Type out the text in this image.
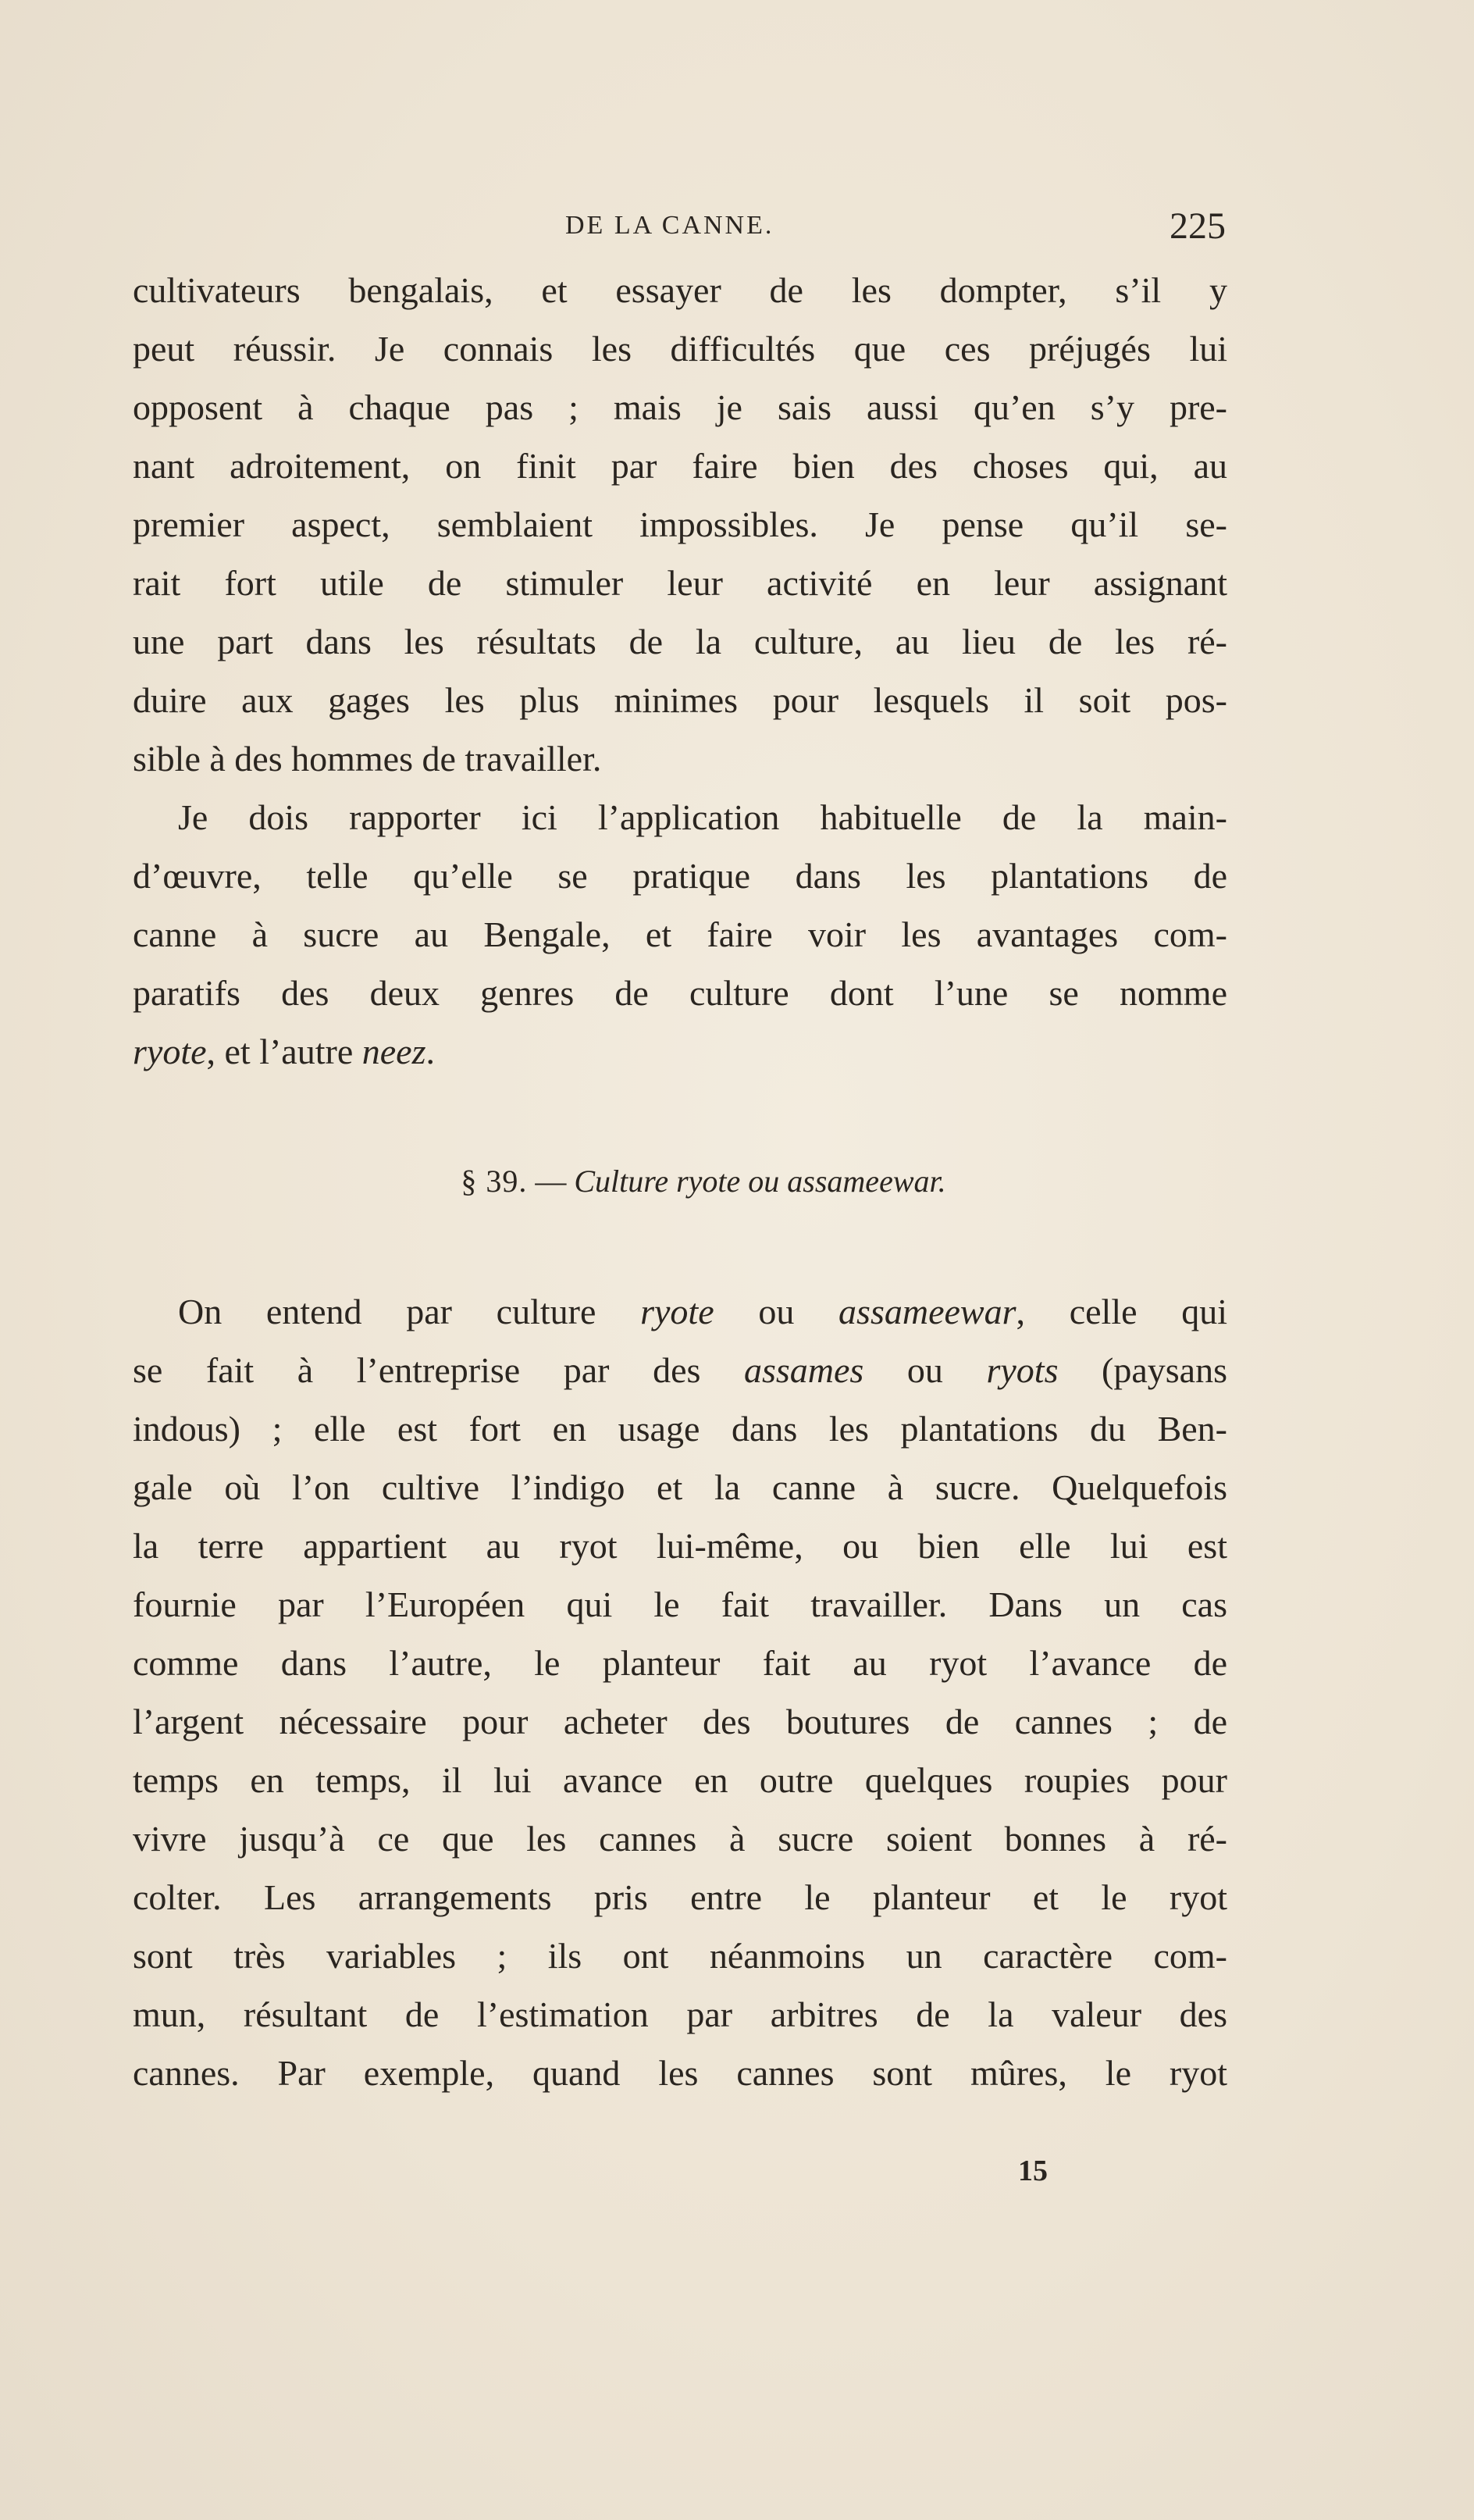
DE LA CANNE.	225
cultivateurs bengalais, et essayer de les dompter, s’il y
peut réussir. Je connais les difficultés que ces préjugés lui
opposent à chaque pas ; mais je sais aussi qu’en s’y pre-
nant adroitement, on finit par faire bien des choses qui, au
premier aspect, semblaient impossibles. Je pense qu’il se-
rait fort utile de stimuler leur activité en leur assignant
une part dans les résultats de la culture, au lieu de les ré-
duire aux gages les plus minimes pour lesquels il soit pos-
sible à des hommes de travailler.
Je dois rapporter ici l’application habituelle de la main-
d’œuvre, telle qu’elle se pratique dans les plantations de
canne à sucre au Bengale, et faire voir les avantages com-
paratifs des deux genres de culture dont l’une se nomme
ryote, et l’autre neez.
§ 39. — Culture ryote ou assameewar.
On entend par culture ryote ou assameewar, celle qui
se fait à l’entreprise par des assames ou ryots (paysans
indous) ; elle est fort en usage dans les plantations du Ben-
gale où l’on cultive l’indigo et la canne à sucre. Quelquefois
la terre appartient au ryot lui-même, ou bien elle lui est
fournie par l’Européen qui le fait travailler. Dans un cas
comme dans l’autre, le planteur fait au ryot l’avance de
l’argent nécessaire pour acheter des boutures de cannes ; de
temps en temps, il lui avance en outre quelques roupies pour
vivre jusqu’à ce que les cannes à sucre soient bonnes à ré-
colter. Les arrangements pris entre le planteur et le ryot
sont très variables ; ils ont néanmoins un caractère com-
mun, résultant de l’estimation par arbitres de la valeur des
cannes. Par exemple, quand les cannes sont mûres, le ryot
15
